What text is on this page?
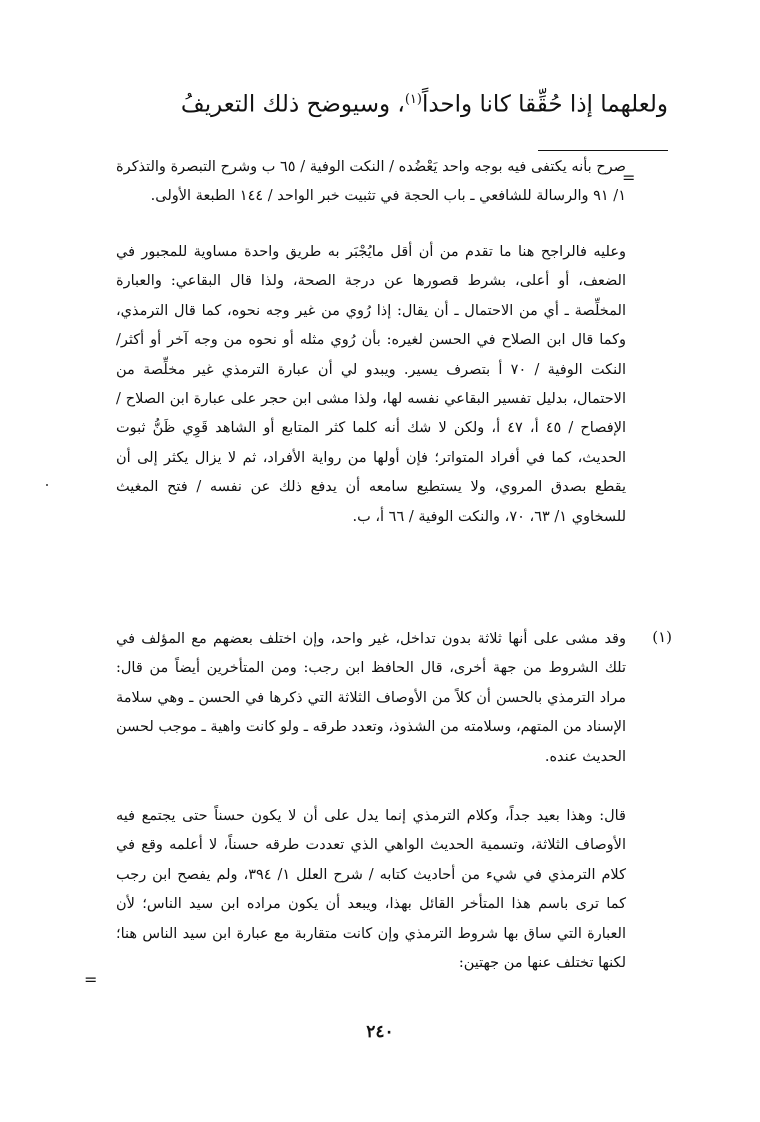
ولعلهما إذا حُقِّقا كانا واحداً$^{(١)}$، وسيوضح ذلك التعريفُ
=

صرح بأنه يكتفى فيه بوجه واحد يَعْضُده / النكت الوفية / ٦٥ ب وشرح التبصرة والتذكرة ١/ ٩١ والرسالة للشافعي ـ باب الحجة في تثبيت خبر الواحد / ١٤٤ الطبعة الأولى.

وعليه فالراجح هنا ما تقدم من أن أقل مايُجْبَر به طريق واحدة مساوية للمجبور في الضعف، أو أعلى، بشرط قصورها عن درجة الصحة، ولذا قال البقاعي: والعبارة المخلِّصة ـ أي من الاحتمال ـ أن يقال: إذا رُوي من غير وجه نحوه، كما قال الترمذي، وكما قال ابن الصلاح في الحسن لغيره: بأن رُوي مثله أو نحوه من وجه آخر أو أكثر/ النكت الوفية / ٧٠ أ بتصرف يسير. ويبدو لي أن عبارة الترمذي غير مخلِّصة من الاحتمال، بدليل تفسير البقاعي نفسه لها، ولذا مشى ابن حجر على عبارة ابن الصلاح / الإفصاح / ٤٥ أ، ٤٧ أ، ولكن لا شك أنه كلما كثر المتابع أو الشاهد قَوِي ظَنُّ ثبوت الحديث، كما في أفراد المتواتر؛ فإن أولها من رواية الأفراد، ثم لا يزال يكثر إلى أن يقطع بصدق المروي، ولا يستطيع سامعه أن يدفع ذلك عن نفسه / فتح المغيث للسخاوي ١/ ٦٣، ٧٠، والنكت الوفية / ٦٦ أ، ب.

(١)

وقد مشى على أنها ثلاثة بدون تداخل، غير واحد، وإن اختلف بعضهم مع المؤلف في تلك الشروط من جهة أخرى، قال الحافظ ابن رجب: ومن المتأخرين أيضاً من قال: مراد الترمذي بالحسن أن كلاً من الأوصاف الثلاثة التي ذكرها في الحسن ـ وهي سلامة الإسناد من المتهم، وسلامته من الشذوذ، وتعدد طرقه ـ ولو كانت واهية ـ موجب لحسن الحديث عنده.

قال: وهذا بعيد جداً، وكلام الترمذي إنما يدل على أن لا يكون حسناً حتى يجتمع فيه الأوصاف الثلاثة، وتسمية الحديث الواهي الذي تعددت طرقه حسناً، لا أعلمه وقع في كلام الترمذي في شيء من أحاديث كتابه / شرح العلل ١/ ٣٩٤، ولم يفصح ابن رجب كما ترى باسم هذا المتأخر القائل بهذا، ويبعد أن يكون مراده ابن سيد الناس؛ لأن العبارة التي ساق بها شروط الترمذي وإن كانت متقاربة مع عبارة ابن سيد الناس هنا؛ لكنها تختلف عنها من جهتين:

=
٢٤٠
